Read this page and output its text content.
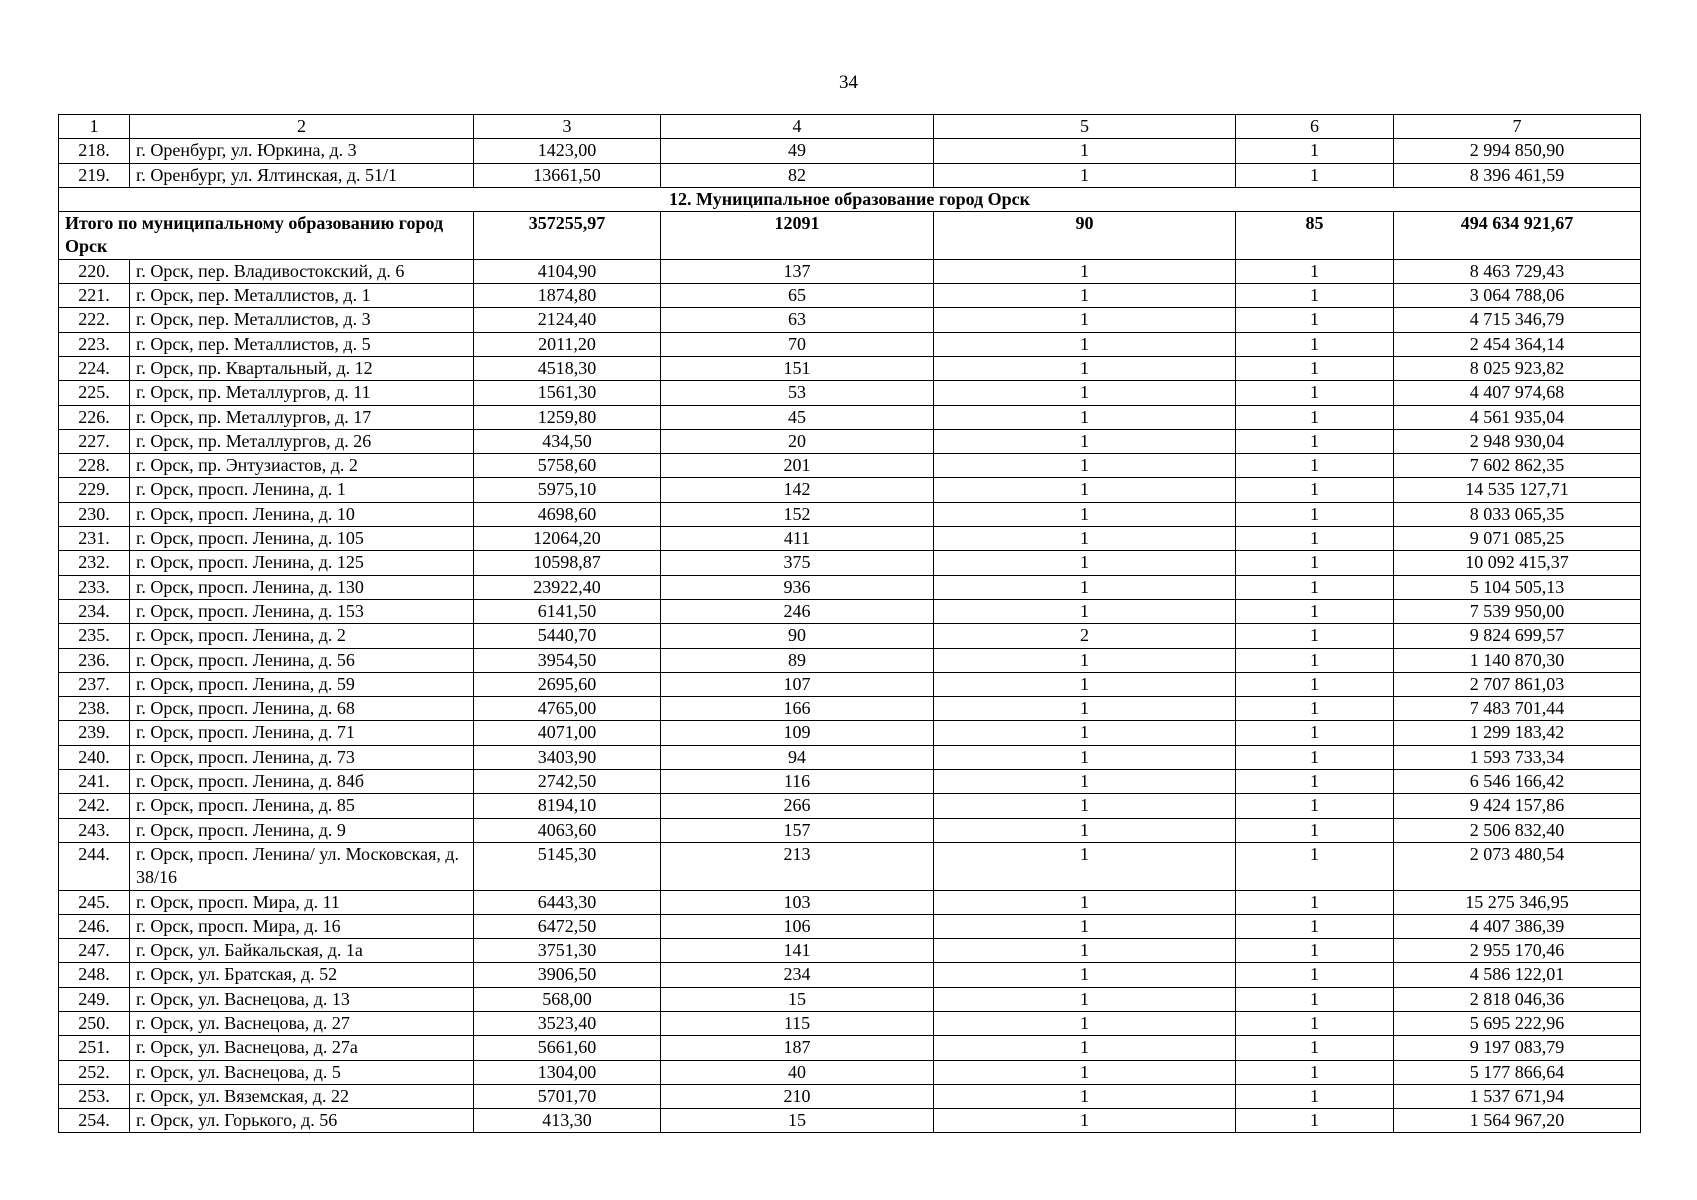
34
1	2	3	4	5	6	7
218.	г. Оренбург, ул. Юркина, д. 3	1423,00	49	1	1	2 994 850,90
219.	г. Оренбург, ул. Ялтинская, д. 51/1	13661,50	82	1	1	8 396 461,59
12. Муниципальное образование город Орск						
Итого по муниципальному образованию город Орск		357255,97	12091	90	85	494 634 921,67
220.	г. Орск, пер. Владивостокский, д. 6	4104,90	137	1	1	8 463 729,43
221.	г. Орск, пер. Металлистов, д. 1	1874,80	65	1	1	3 064 788,06
222.	г. Орск, пер. Металлистов, д. 3	2124,40	63	1	1	4 715 346,79
223.	г. Орск, пер. Металлистов, д. 5	2011,20	70	1	1	2 454 364,14
224.	г. Орск, пр. Квартальный, д. 12	4518,30	151	1	1	8 025 923,82
225.	г. Орск, пр. Металлургов, д. 11	1561,30	53	1	1	4 407 974,68
226.	г. Орск, пр. Металлургов, д. 17	1259,80	45	1	1	4 561 935,04
227.	г. Орск, пр. Металлургов, д. 26	434,50	20	1	1	2 948 930,04
228.	г. Орск, пр. Энтузиастов, д. 2	5758,60	201	1	1	7 602 862,35
229.	г. Орск, просп. Ленина, д. 1	5975,10	142	1	1	14 535 127,71
230.	г. Орск, просп. Ленина, д. 10	4698,60	152	1	1	8 033 065,35
231.	г. Орск, просп. Ленина, д. 105	12064,20	411	1	1	9 071 085,25
232.	г. Орск, просп. Ленина, д. 125	10598,87	375	1	1	10 092 415,37
233.	г. Орск, просп. Ленина, д. 130	23922,40	936	1	1	5 104 505,13
234.	г. Орск, просп. Ленина, д. 153	6141,50	246	1	1	7 539 950,00
235.	г. Орск, просп. Ленина, д. 2	5440,70	90	2	1	9 824 699,57
236.	г. Орск, просп. Ленина, д. 56	3954,50	89	1	1	1 140 870,30
237.	г. Орск, просп. Ленина, д. 59	2695,60	107	1	1	2 707 861,03
238.	г. Орск, просп. Ленина, д. 68	4765,00	166	1	1	7 483 701,44
239.	г. Орск, просп. Ленина, д. 71	4071,00	109	1	1	1 299 183,42
240.	г. Орск, просп. Ленина, д. 73	3403,90	94	1	1	1 593 733,34
241.	г. Орск, просп. Ленина, д. 84б	2742,50	116	1	1	6 546 166,42
242.	г. Орск, просп. Ленина, д. 85	8194,10	266	1	1	9 424 157,86
243.	г. Орск, просп. Ленина, д. 9	4063,60	157	1	1	2 506 832,40
244.	г. Орск, просп. Ленина/ ул. Московская, д. 38/16	5145,30	213	1	1	2 073 480,54
245.	г. Орск, просп. Мира, д. 11	6443,30	103	1	1	15 275 346,95
246.	г. Орск, просп. Мира, д. 16	6472,50	106	1	1	4 407 386,39
247.	г. Орск, ул. Байкальская, д. 1а	3751,30	141	1	1	2 955 170,46
248.	г. Орск, ул. Братская, д. 52	3906,50	234	1	1	4 586 122,01
249.	г. Орск, ул. Васнецова, д. 13	568,00	15	1	1	2 818 046,36
250.	г. Орск, ул. Васнецова, д. 27	3523,40	115	1	1	5 695 222,96
251.	г. Орск, ул. Васнецова, д. 27а	5661,60	187	1	1	9 197 083,79
252.	г. Орск, ул. Васнецова, д. 5	1304,00	40	1	1	5 177 866,64
253.	г. Орск, ул. Вяземская, д. 22	5701,70	210	1	1	1 537 671,94
254.	г. Орск, ул. Горького, д. 56	413,30	15	1	1	1 564 967,20
